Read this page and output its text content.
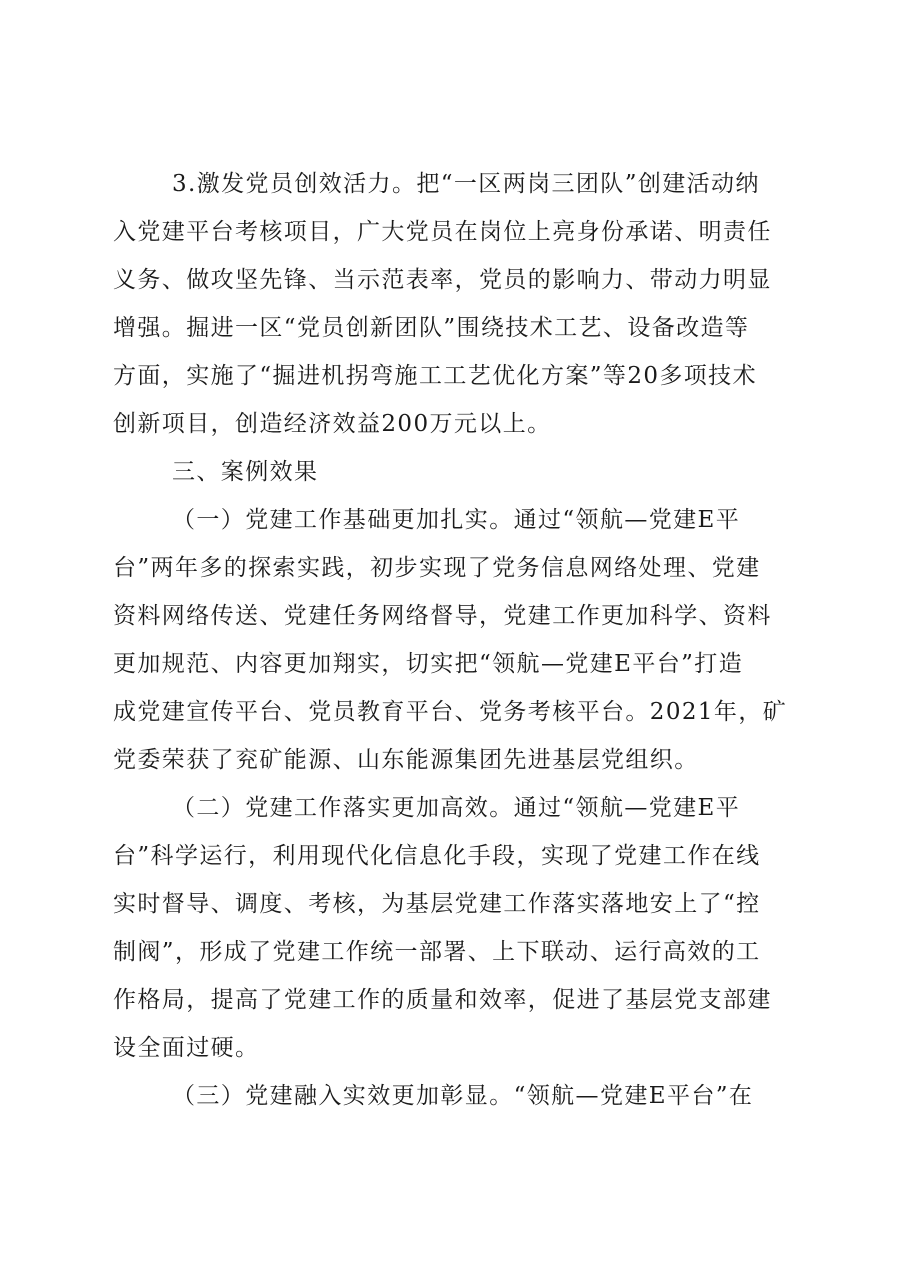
3.激发党员创效活力。把“一区两岗三团队”创建活动纳
入党建平台考核项目，广大党员在岗位上亮身份承诺、明责任
义务、做攻坚先锋、当示范表率，党员的影响力、带动力明显
增强。掘进一区“党员创新团队”围绕技术工艺、设备改造等
方面，实施了“掘进机拐弯施工工艺优化方案”等20多项技术
创新项目，创造经济效益200万元以上。
三、案例效果
（一）党建工作基础更加扎实。通过“领航—党建E平
台”两年多的探索实践，初步实现了党务信息网络处理、党建
资料网络传送、党建任务网络督导，党建工作更加科学、资料
更加规范、内容更加翔实，切实把“领航—党建E平台”打造
成党建宣传平台、党员教育平台、党务考核平台。2021年，矿
党委荣获了兖矿能源、山东能源集团先进基层党组织。
（二）党建工作落实更加高效。通过“领航—党建E平
台”科学运行，利用现代化信息化手段，实现了党建工作在线
实时督导、调度、考核，为基层党建工作落实落地安上了“控
制阀”，形成了党建工作统一部署、上下联动、运行高效的工
作格局，提高了党建工作的质量和效率，促进了基层党支部建
设全面过硬。
（三）党建融入实效更加彰显。“领航—党建E平台”在
